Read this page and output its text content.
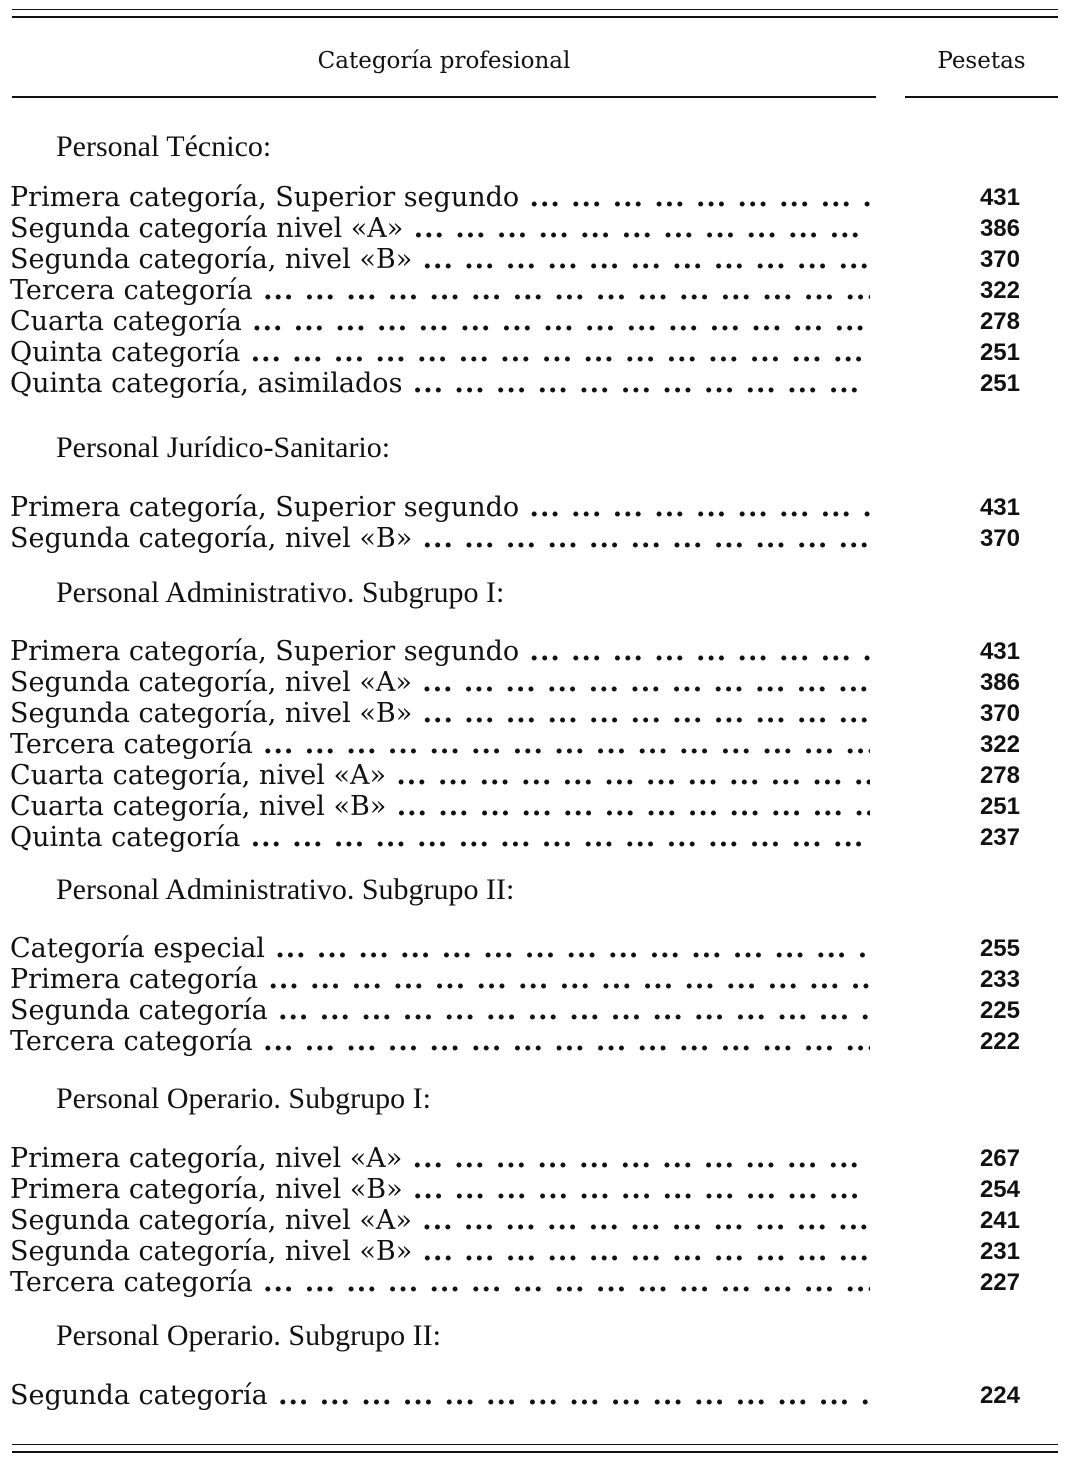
Categoría profesional	Pesetas
Personal Técnico:
Primera categoría, Superior segundo ... .	431
Segunda categoría nivel «A» ... .	386
Segunda categoría, nivel «B» ... .	370
Tercera categoría ... .	322
Cuarta categoría ... .	278
Quinta categoría ... .	251
Quinta categoría, asimilados ... .	251
Personal Jurídico-Sanitario:
Primera categoría, Superior segundo ... .	431
Segunda categoría, nivel «B» ... .	370
Personal Administrativo. Subgrupo I:
Primera categoría, Superior segundo ... .	431
Segunda categoría, nivel «A» ... .	386
Segunda categoría, nivel «B» ... .	370
Tercera categoría ... .	322
Cuarta categoría, nivel «A» ... .	278
Cuarta categoría, nivel «B» ... .	251
Quinta categoría ... .	237
Personal Administrativo. Subgrupo II:
Categoría especial ... .	255
Primera categoría ... .	233
Segunda categoría ... .	225
Tercera categoría ... .	222
Personal Operario. Subgrupo I:
Primera categoría, nivel «A» ... .	267
Primera categoría, nivel «B» ... .	254
Segunda categoría, nivel «A» ... .	241
Segunda categoría, nivel «B» ... .	231
Tercera categoría ... .	227
Personal Operario. Subgrupo II:
Segunda categoría ... .	224
